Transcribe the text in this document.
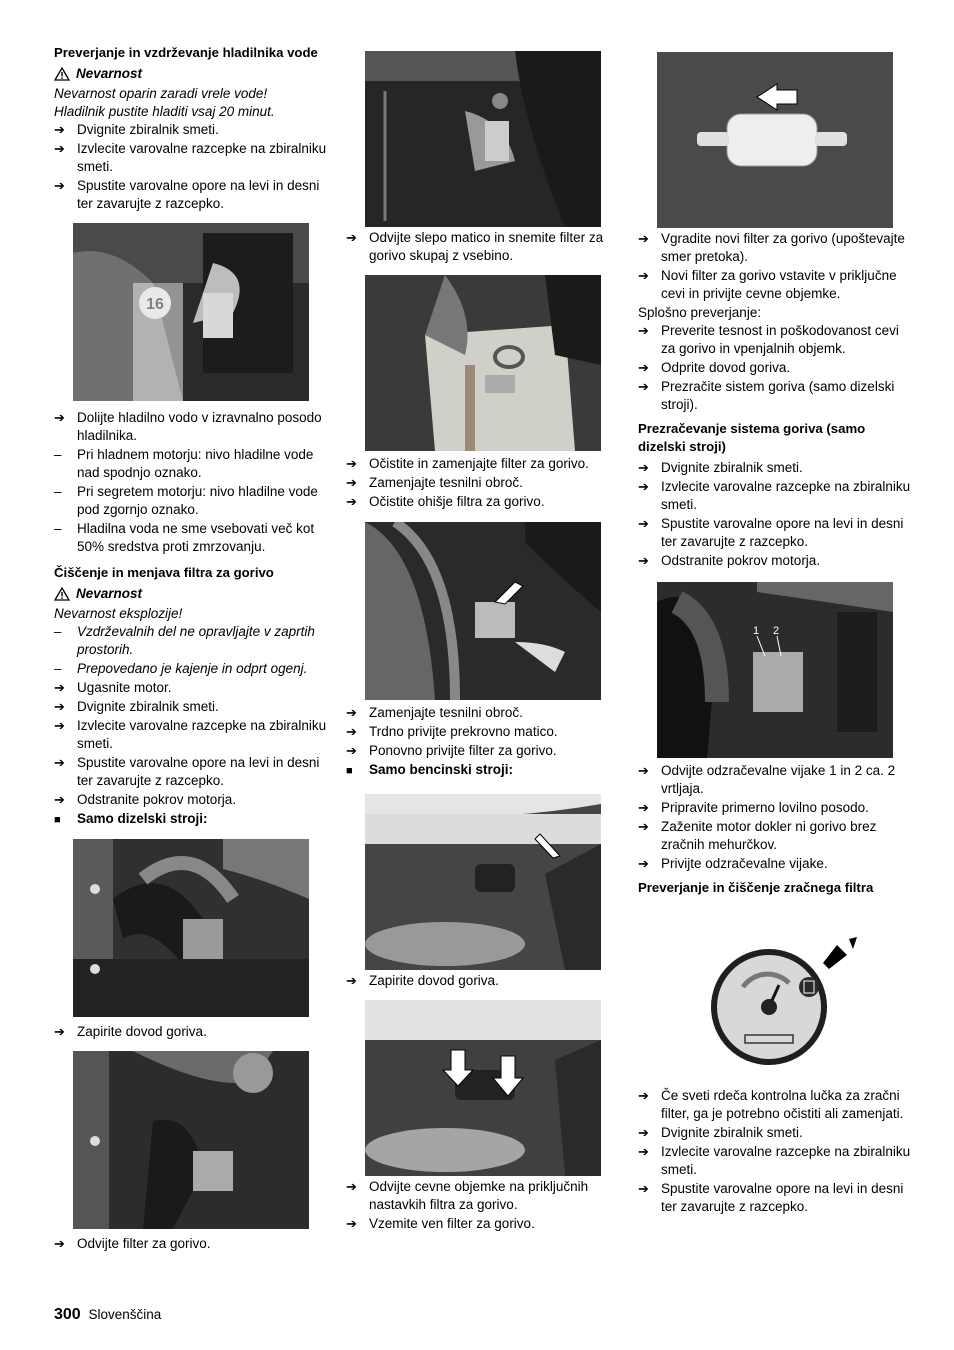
Preverjanje in vzdrževanje hladilnika vode
Nevarnost
Nevarnost oparin zaradi vrele vode! Hladilnik pustite hladiti vsaj 20 minut.
➔
Dvignite zbiralnik smeti.
➔
Izvlecite varovalne razcepke na zbiralniku smeti.
➔
Spustite varovalne opore na levi in desni ter zavarujte z razcepko.
➔
Dolijte hladilno vodo v izravnalno posodo hladilnika.
–
Pri hladnem motorju: nivo hladilne vode nad spodnjo oznako.
–
Pri segretem motorju: nivo hladilne vode pod zgornjo oznako.
–
Hladilna voda ne sme vsebovati več kot 50% sredstva proti zmrzovanju.
Čiščenje in menjava filtra za gorivo
Nevarnost
Nevarnost eksplozije!
–
Vzdrževalnih del ne opravljajte v zaprtih prostorih.
–
Prepovedano je kajenje in odprt ogenj.
➔
Ugasnite motor.
➔
Dvignite zbiralnik smeti.
➔
Izvlecite varovalne razcepke na zbiralniku smeti.
➔
Spustite varovalne opore na levi in desni ter zavarujte z razcepko.
➔
Odstranite pokrov motorja.
■
Samo dizelski stroji:
➔
Zapirite dovod goriva.
➔
Odvijte filter za gorivo.
➔
Odvijte slepo matico in snemite filter za gorivo skupaj z vsebino.
➔
Očistite in zamenjajte filter za gorivo.
➔
Zamenjajte tesnilni obroč.
➔
Očistite ohišje filtra za gorivo.
➔
Zamenjajte tesnilni obroč.
➔
Trdno privijte prekrovno matico.
➔
Ponovno privijte filter za gorivo.
■
Samo bencinski stroji:
➔
Zapirite dovod goriva.
➔
Odvijte cevne objemke na priključnih nastavkih filtra za gorivo.
➔
Vzemite ven filter za gorivo.
➔
Vgradite novi filter za gorivo (upoštevajte smer pretoka).
➔
Novi filter za gorivo vstavite v priključne cevi in privijte cevne objemke.
Splošno preverjanje:
➔
Preverite tesnost in poškodovanost cevi za gorivo in vpenjalnih objemk.
➔
Odprite dovod goriva.
➔
Prezračite sistem goriva (samo dizelski stroji).
Prezračevanje sistema goriva (samo dizelski stroji)
➔
Dvignite zbiralnik smeti.
➔
Izvlecite varovalne razcepke na zbiralniku smeti.
➔
Spustite varovalne opore na levi in desni ter zavarujte z razcepko.
➔
Odstranite pokrov motorja.
1 2
➔
Odvijte odzračevalne vijake 1 in 2 ca. 2 vrtljaja.
➔
Pripravite primerno lovilno posodo.
➔
Zaženite motor dokler ni gorivo brez zračnih mehurčkov.
➔
Privijte odzračevalne vijake.
Preverjanje in čiščenje zračnega filtra
➔
Če sveti rdeča kontrolna lučka za zračni filter, ga je potrebno očistiti ali zamenjati.
➔
Dvignite zbiralnik smeti.
➔
Izvlecite varovalne razcepke na zbiralniku smeti.
➔
Spustite varovalne opore na levi in desni ter zavarujte z razcepko.
300 Slovenščina
